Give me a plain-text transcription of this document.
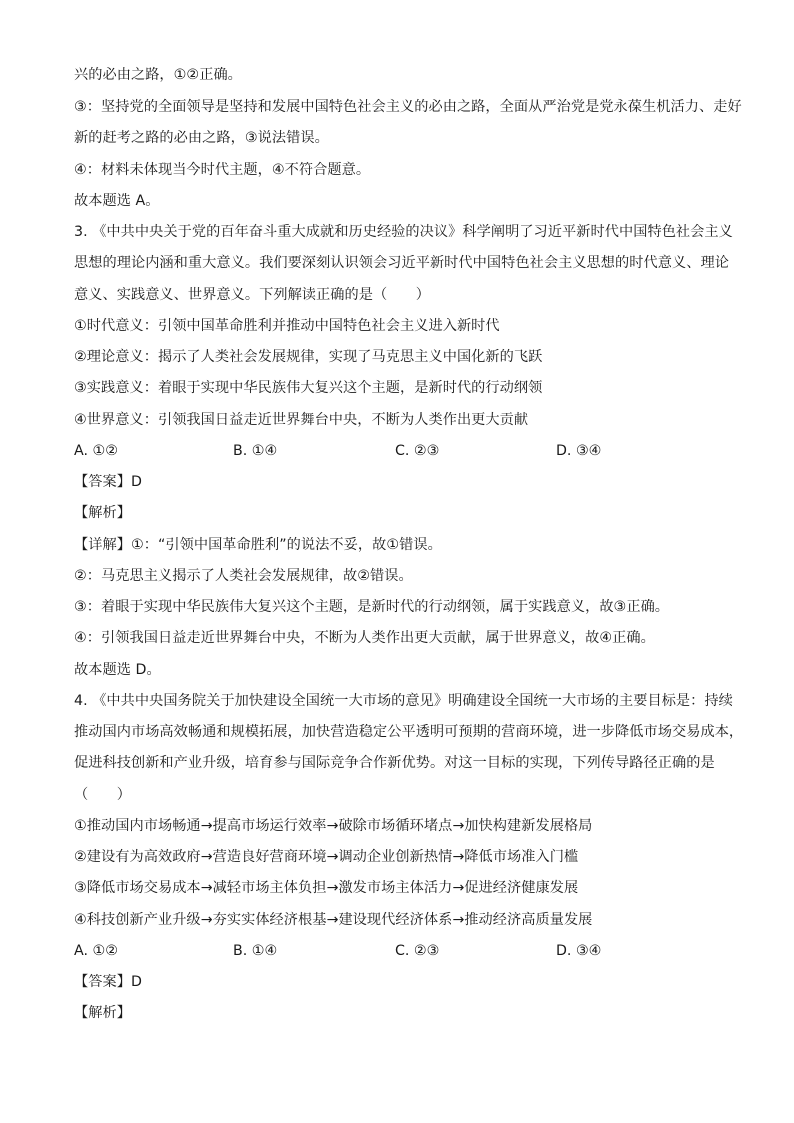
兴的必由之路，①②正确。
③：坚持党的全面领导是坚持和发展中国特色社会主义的必由之路，全面从严治党是党永葆生机活力、走好
新的赶考之路的必由之路，③说法错误。
④：材料未体现当今时代主题，④不符合题意。
故本题选 A。
3. 《中共中央关于党的百年奋斗重大成就和历史经验的决议》科学阐明了习近平新时代中国特色社会主义
思想的理论内涵和重大意义。我们要深刻认识领会习近平新时代中国特色社会主义思想的时代意义、理论
意义、实践意义、世界意义。下列解读正确的是（　　）
①时代意义：引领中国革命胜利并推动中国特色社会主义进入新时代
②理论意义：揭示了人类社会发展规律，实现了马克思主义中国化新的飞跃
③实践意义：着眼于实现中华民族伟大复兴这个主题，是新时代的行动纲领
④世界意义：引领我国日益走近世界舞台中央，不断为人类作出更大贡献
A. ①②	B. ①④	C. ②③	D. ③④
【答案】D
【解析】
【详解】①：“引领中国革命胜利”的说法不妥，故①错误。
②：马克思主义揭示了人类社会发展规律，故②错误。
③：着眼于实现中华民族伟大复兴这个主题，是新时代的行动纲领，属于实践意义，故③正确。
④：引领我国日益走近世界舞台中央，不断为人类作出更大贡献，属于世界意义，故④正确。
故本题选 D。
4. 《中共中央国务院关于加快建设全国统一大市场的意见》明确建设全国统一大市场的主要目标是：持续
推动国内市场高效畅通和规模拓展，加快营造稳定公平透明可预期的营商环境，进一步降低市场交易成本，
促进科技创新和产业升级，培育参与国际竞争合作新优势。对这一目标的实现，下列传导路径正确的是
（　　）
①推动国内市场畅通→提高市场运行效率→破除市场循环堵点→加快构建新发展格局
②建设有为高效政府→营造良好营商环境→调动企业创新热情→降低市场准入门槛
③降低市场交易成本→减轻市场主体负担→激发市场主体活力→促进经济健康发展
④科技创新产业升级→夯实实体经济根基→建设现代经济体系→推动经济高质量发展
A. ①②	B. ①④	C. ②③	D. ③④
【答案】D
【解析】
